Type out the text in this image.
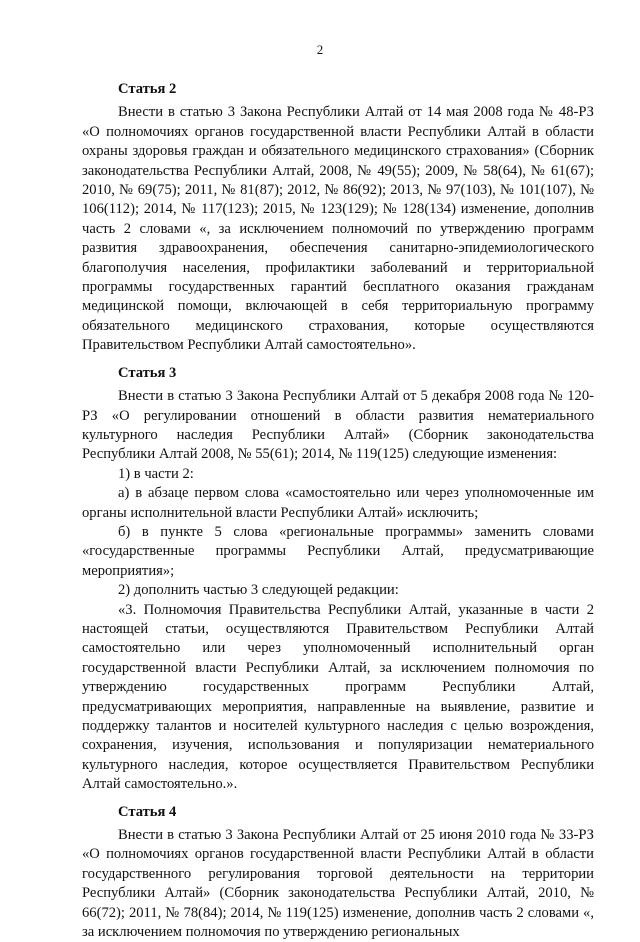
2
Статья 2

Внести в статью 3 Закона Республики Алтай от 14 мая 2008 года № 48-РЗ «О полномочиях органов государственной власти Республики Алтай в области охраны здоровья граждан и обязательного медицинского страхования» (Сборник законодательства Республики Алтай, 2008, № 49(55); 2009, № 58(64), № 61(67); 2010, № 69(75); 2011, № 81(87); 2012, № 86(92); 2013, № 97(103), № 101(107), № 106(112); 2014, № 117(123); 2015, № 123(129); № 128(134) изменение, дополнив часть 2 словами «, за исключением полномочий по утверждению программ развития здравоохранения, обеспечения санитарно-эпидемиологического благополучия населения, профилактики заболеваний и территориальной программы государственных гарантий бесплатного оказания гражданам медицинской помощи, включающей в себя территориальную программу обязательного медицинского страхования, которые осуществляются Правительством Республики Алтай самостоятельно».

Статья 3

Внести в статью 3 Закона Республики Алтай от 5 декабря 2008 года № 120-РЗ «О регулировании отношений в области развития нематериального культурного наследия Республики Алтай» (Сборник законодательства Республики Алтай 2008, № 55(61); 2014, № 119(125) следующие изменения:

1) в части 2:

а) в абзаце первом слова «самостоятельно или через уполномоченные им органы исполнительной власти Республики Алтай» исключить;

б) в пункте 5 слова «региональные программы» заменить словами «государственные программы Республики Алтай, предусматривающие мероприятия»;

2) дополнить частью 3 следующей редакции:

«3. Полномочия Правительства Республики Алтай, указанные в части 2 настоящей статьи, осуществляются Правительством Республики Алтай самостоятельно или через уполномоченный исполнительный орган государственной власти Республики Алтай, за исключением полномочия по утверждению государственных программ Республики Алтай, предусматривающих мероприятия, направленные на выявление, развитие и поддержку талантов и носителей культурного наследия с целью возрождения, сохранения, изучения, использования и популяризации нематериального культурного наследия, которое осуществляется Правительством Республики Алтай самостоятельно.».

Статья 4

Внести в статью 3 Закона Республики Алтай от 25 июня 2010 года № 33-РЗ «О полномочиях органов государственной власти Республики Алтай в области государственного регулирования торговой деятельности на территории Республики Алтай» (Сборник законодательства Республики Алтай, 2010, № 66(72); 2011, № 78(84); 2014, № 119(125) изменение, дополнив часть 2 словами «, за исключением полномочия по утверждению региональных
